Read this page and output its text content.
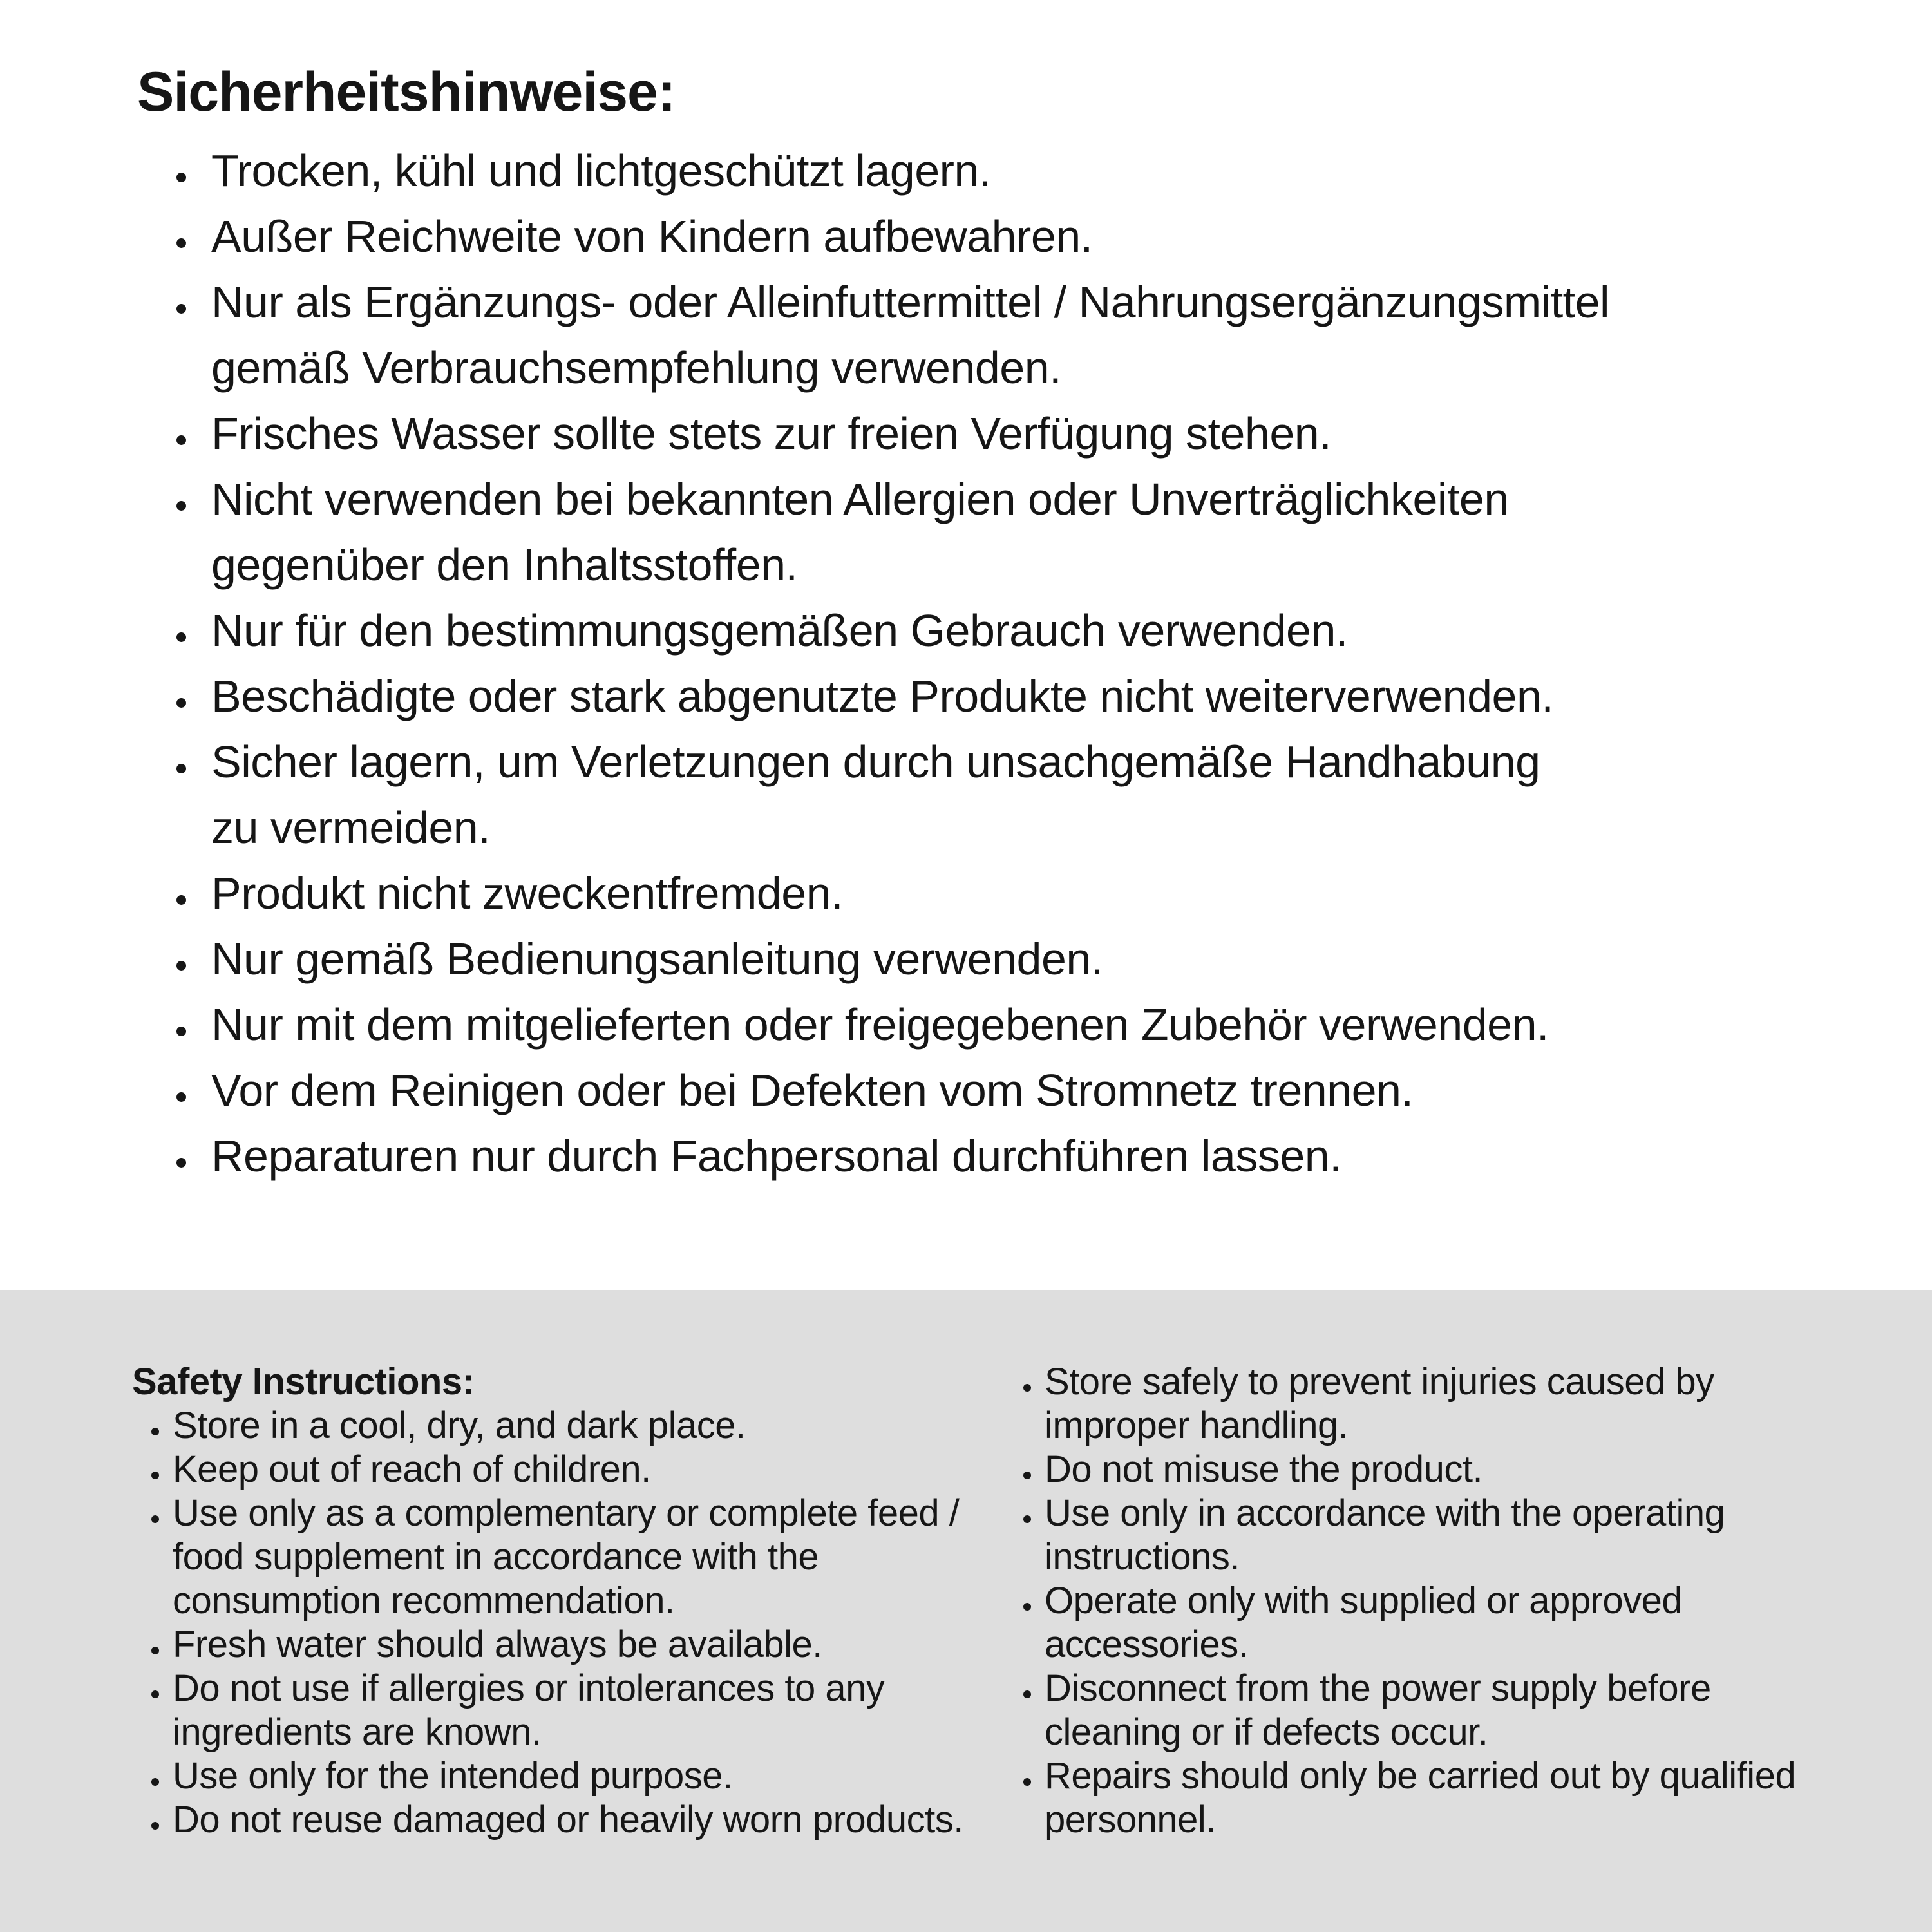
Sicherheitshinweise:
Trocken, kühl und lichtgeschützt lagern.
Außer Reichweite von Kindern aufbewahren.
Nur als Ergänzungs- oder Alleinfuttermittel / Nahrungsergänzungsmittel
gemäß Verbrauchsempfehlung verwenden.
Frisches Wasser sollte stets zur freien Verfügung stehen.
Nicht verwenden bei bekannten Allergien oder Unverträglichkeiten
gegenüber den Inhaltsstoffen.
Nur für den bestimmungsgemäßen Gebrauch verwenden.
Beschädigte oder stark abgenutzte Produkte nicht weiterverwenden.
Sicher lagern, um Verletzungen durch unsachgemäße Handhabung
zu vermeiden.
Produkt nicht zweckentfremden.
Nur gemäß Bedienungsanleitung verwenden.
Nur mit dem mitgelieferten oder freigegebenen Zubehör verwenden.
Vor dem Reinigen oder bei Defekten vom Stromnetz trennen.
Reparaturen nur durch Fachpersonal durchführen lassen.
Safety Instructions:
Store in a cool, dry, and dark place.
Keep out of reach of children.
Use only as a complementary or complete feed /
food supplement in accordance with the
consumption recommendation.
Fresh water should always be available.
Do not use if allergies or intolerances to any
ingredients are known.
Use only for the intended purpose.
Do not reuse damaged or heavily worn products.
Store safely to prevent injuries caused by
improper handling.
Do not misuse the product.
Use only in accordance with the operating
instructions.
Operate only with supplied or approved
accessories.
Disconnect from the power supply before
cleaning or if defects occur.
Repairs should only be carried out by qualified
personnel.
